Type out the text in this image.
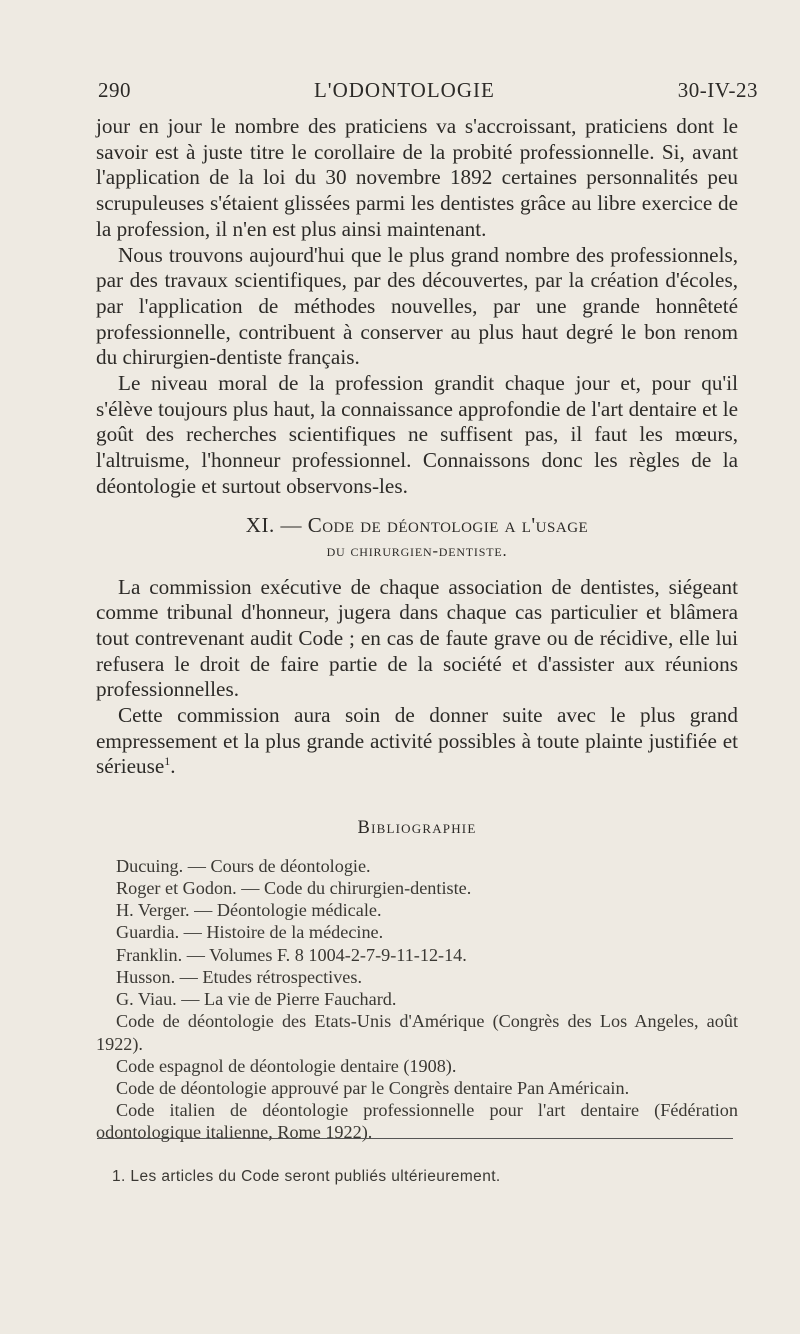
290	L'ODONTOLOGIE	30-IV-23

jour en jour le nombre des praticiens va s'accroissant, praticiens dont le savoir est à juste titre le corollaire de la probité professionnelle. Si, avant l'application de la loi du 30 novembre 1892 certaines personnalités peu scrupuleuses s'étaient glissées parmi les dentistes grâce au libre exercice de la profession, il n'en est plus ainsi maintenant.

Nous trouvons aujourd'hui que le plus grand nombre des professionnels, par des travaux scientifiques, par des découvertes, par la création d'écoles, par l'application de méthodes nouvelles, par une grande honnêteté professionnelle, contribuent à conserver au plus haut degré le bon renom du chirurgien-dentiste français.

Le niveau moral de la profession grandit chaque jour et, pour qu'il s'élève toujours plus haut, la connaissance approfondie de l'art dentaire et le goût des recherches scientifiques ne suffisent pas, il faut les mœurs, l'altruisme, l'honneur professionnel. Connaissons donc les règles de la déontologie et surtout observons-les.

XI. — Code de déontologie a l'usage
du chirurgien-dentiste.

La commission exécutive de chaque association de dentistes, siégeant comme tribunal d'honneur, jugera dans chaque cas particulier et blâmera tout contrevenant audit Code ; en cas de faute grave ou de récidive, elle lui refusera le droit de faire partie de la société et d'assister aux réunions professionnelles.

Cette commission aura soin de donner suite avec le plus grand empressement et la plus grande activité possibles à toute plainte justifiée et sérieuse$^1$.

Bibliographie
Ducuing. — Cours de déontologie.
Roger et Godon. — Code du chirurgien-dentiste.
H. Verger. — Déontologie médicale.
Guardia. — Histoire de la médecine.
Franklin. — Volumes F. 8 1004-2-7-9-11-12-14.
Husson. — Etudes rétrospectives.
G. Viau. — La vie de Pierre Fauchard.
Code de déontologie des Etats-Unis d'Amérique (Congrès des Los Angeles, août 1922).
Code espagnol de déontologie dentaire (1908).
Code de déontologie approuvé par le Congrès dentaire Pan Américain.
Code italien de déontologie professionnelle pour l'art dentaire (Fédération odontologique italienne, Rome 1922).
1. Les articles du Code seront publiés ultérieurement.
